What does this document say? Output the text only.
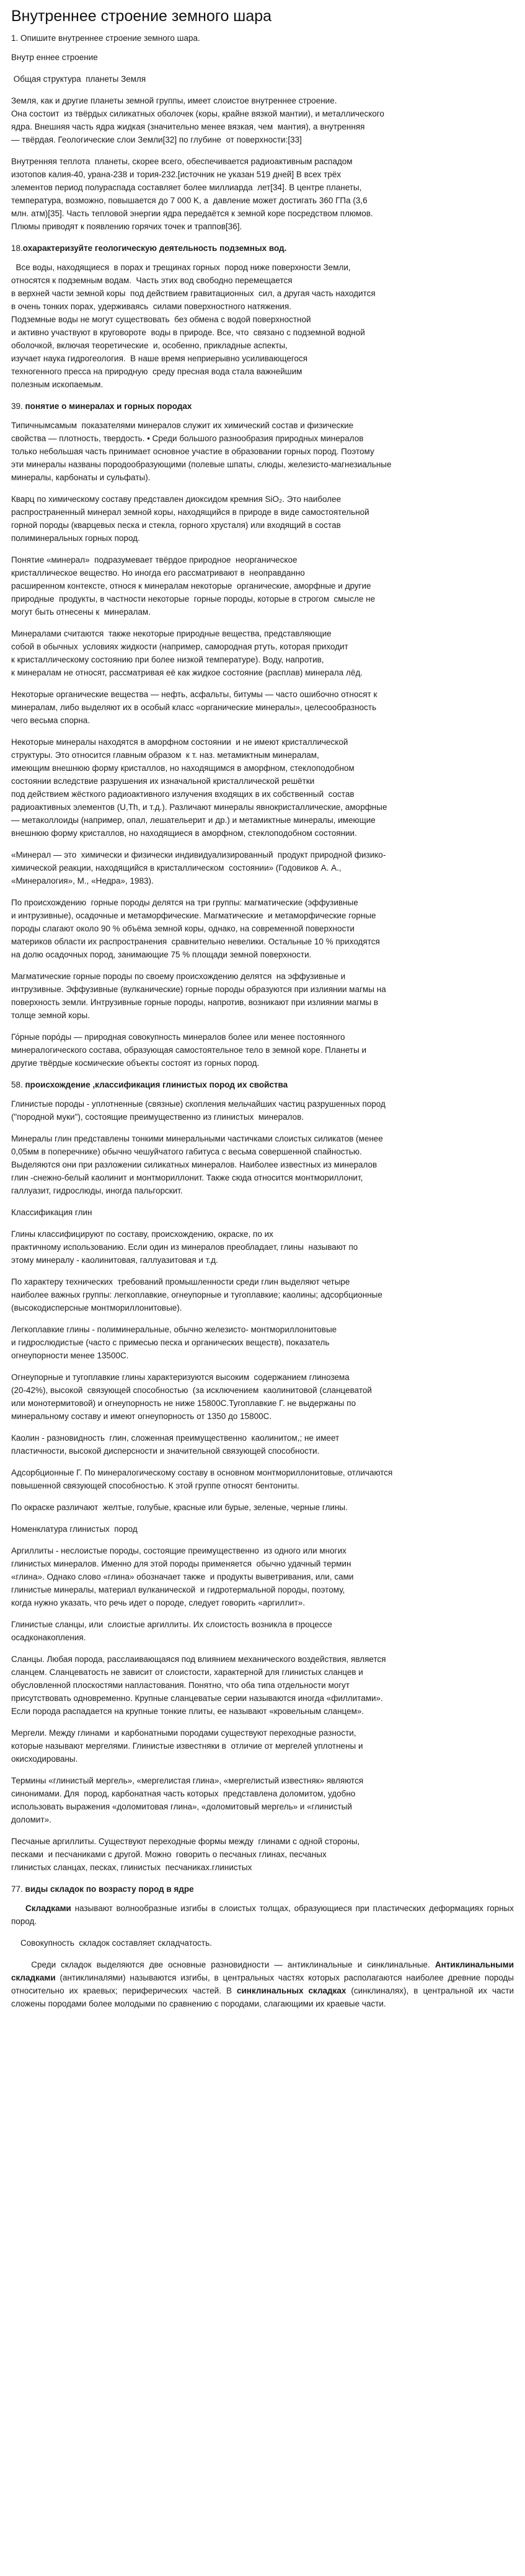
Внутреннее строение земного шара
1. Опишите внутреннее строение земного шара.
Внутр еннее строение
Общая структура  планеты Земля
Земля, как и другие планеты земной группы, имеет слоистое внутреннее строение.
Она состоит  из твёрдых силикатных оболочек (коры, крайне вязкой мантии), и металлического
ядра. Внешняя часть ядра жидкая (значительно менее вязкая, чем  мантия), а внутренняя
— твёрдая. Геологические слои Земли[32] по глубине  от поверхности:[33]
Внутренняя теплота  планеты, скорее всего, обеспечивается радиоактивным распадом
изотопов калия-40, урана-238 и тория-232.[источник не указан 519 дней] В всех трёх
элементов период полураспада составляет более миллиарда  лет[34]. В центре планеты,
температура, возможно, повышается до 7 000 K, а  давление может достигать 360 ГПа (3,6
млн. атм)[35]. Часть тепловой энергии ядра передаётся к земной коре посредством плюмов.
Плюмы приводят к появлению горячих точек и траппов[36].
18.охарактеризуйте геологическую деятельность подземных вод.
Все воды, находящиеся  в порах и трещинах горных  пород ниже поверхности Земли,
относятся к подземным водам.  Часть этих вод свободно перемещается
в верхней части земной коры  под действием гравитационных  сил, а другая часть находится
в очень тонких порах, удерживаясь  силами поверхностного натяжения.
Подземные воды не могут существовать  без обмена с водой поверхностной
и активно участвуют в круговороте  воды в природе. Все, что  связано с подземной водной
оболочкой, включая теоретические  и, особенно, прикладные аспекты,
изучает наука гидрогеология.  В наше время неприерывно усиливающегося
техногенного пресса на природную  среду пресная вода стала важнейшим
полезным ископаемым.
39. понятие о минералах и горных породах
Типичнымсамым  показателями минералов служит их химический состав и физические
свойства — плотность, твердость. • Среди большого разнообразия природных минералов
только небольшая часть принимает основное участие в образовании горных пород. Поэтому
эти минералы названы породообразующими (полевые шпаты, слюды, железисто-магнезиальные
минералы, карбонаты и сульфаты).
Кварц по химическому составу представлен диоксидом кремния SiO₂. Это наиболее
распространенный минерал земной коры, находящийся в природе в виде самостоятельной
горной породы (кварцевых песка и стекла, горного хрусталя) или входящий в состав
полиминеральных горных пород.
Понятие «минерал»  подразумевает твёрдое природное  неорганическое
кристаллическое вещество. Но иногда его рассматривают в  неоправданно
расширенном контексте, относя к минералам некоторые  органические, аморфные и другие
природные  продукты, в частности некоторые  горные породы, которые в строгом  смысле не
могут быть отнесены к  минералам.
Минералами считаются  также некоторые природные вещества, представляющие
собой в обычных  условиях жидкости (например, самородная ртуть, которая приходит
к кристаллическому состоянию при более низкой температуре). Воду, напротив,
к минералам не относят, рассматривая её как жидкое состояние (расплав) минерала лёд.
Некоторые органические вещества — нефть, асфальты, битумы — часто ошибочно относят к
минералам, либо выделяют их в особый класс «органические минералы», целесообразность
чего весьма спорна.
Некоторые минералы находятся в аморфном состоянии  и не имеют кристаллической
структуры. Это относится главным образом  к т. наз. метамиктным минералам,
имеющим внешнюю форму кристаллов, но находящимся в аморфном, стеклоподобном
состоянии вследствие разрушения их изначальной кристаллической решётки
под действием жёсткого радиоактивного излучения входящих в их собственный  состав
радиоактивных элементов (U,Th, и т.д.). Различают минералы явнокристаллические, аморфные
— метаколлоиды (например, опал, лешательерит и др.) и метамиктные минералы, имеющие
внешнюю форму кристаллов, но находящиеся в аморфном, стеклоподобном состоянии.
«Минерал — это  химически и физически индивидуализированный  продукт природной физико-
химической реакции, находящийся в кристаллическом  состоянии» (Годовиков А. А.,
«Минералогия», М., «Недра», 1983).
По происхождению  горные породы делятся на три группы: магматические (эффузивные
и интрузивные), осадочные и метаморфические. Магматические  и метаморфические горные
породы слагают около 90 % объёма земной коры, однако, на современной поверхности
материков области их распространения  сравнительно невелики. Остальные 10 % приходятся
на долю осадочных пород, занимающие 75 % площади земной поверхности.
Магматические горные породы по своему происхождению делятся  на эффузивные и
интрузивные. Эффузивные (вулканические) горные породы образуются при излиянии магмы на
поверхность земли. Интрузивные горные породы, напротив, возникают при излиянии магмы в
толще земной коры.
Го́рные поро́ды — природная совокупность минералов более или менее постоянного
минералогического состава, образующая самостоятельное тело в земной коре. Планеты и
другие твёрдые космические объекты состоят из горных пород.
58. происхождение ,классификация глинистых пород их свойства
Глинистые породы - уплотненные (связные) скопления мельчайших частиц разрушенных пород
("породной муки"), состоящие преимущественно из глинистых  минералов.
Минералы глин представлены тонкими минеральными частичками слоистых силикатов (менее
0,05мм в поперечнике) обычно чешуйчатого габитуса с весьма совершенной спайностью.
Выделяются они при разложении силикатных минералов. Наиболее известных из минералов
глин -снежно-белый каолинит и монтмориллонит. Также сюда относится монтмориллонит,
галлуазит, гидрослюды, иногда пальгорскит.
Классификация глин
Глины классифицируют по составу, происхождению, окраске, по их
практичному использованию. Если один из минералов преобладает, глины  называют по
этому минералу - каолинитовая, галлуазитовая и т.д.
По характеру технических  требований промышленности среди глин выделяют четыре
наиболее важных группы: легкоплавкие, огнеупорные и тугоплавкие; каолины; адсорбционные
(высокодисперсные монтмориллонитовые).
Легкоплавкие глины - полиминеральные, обычно железисто- монтмориллонитовые
и гидрослюдистые (часто с примесью песка и органических веществ), показатель
огнеупорности менее 13500С.
Огнеупорные и тугоплавкие глины характеризуются высоким  содержанием глинозема
(20-42%), высокой  связующей способностью  (за исключением  каолинитовой (сланцеватой
или монотермитовой) и огнеупорность не ниже 15800С.Тугоплавкие Г. не выдержаны по
минеральному составу и имеют огнеупорность от 1350 до 15800С.
Каолин - разновидность  глин, сложенная преимущественно  каолинитом,; не имеет
пластичности, высокой дисперсности и значительной связующей способности.
Адсорбционные Г. По минералогическому составу в основном монтмориллонитовые, отличаются
повышенной связующей способностью. К этой группе относят бентониты.
По окраске различают  желтые, голубые, красные или бурые, зеленые, черные глины.
Номенклатура глинистых  пород
Аргиллиты - неслоистые породы, состоящие преимущественно  из одного или многих
глинистых минералов. Именно для этой породы применяется  обычно удачный термин
«глина». Однако слово «глина» обозначает также  и продукты выветривания, или, сами
глинистые минералы, материал вулканической  и гидротермальной породы, поэтому,
когда нужно указать, что речь идет о породе, следует говорить «аргиллит».
Глинистые сланцы, или  слоистые аргиллиты. Их слоистость возникла в процессе
осадконакопления.
Сланцы. Любая порода, расслаивающаяся под влиянием механического воздействия, является
сланцем. Сланцеватость не зависит от слоистости, характерной для глинистых сланцев и
обусловленной плоскостями напластования. Понятно, что оба типа отдельности могут
присутствовать одновременно. Крупные сланцеватые серии называются иногда «филлитами».
Если порода распадается на крупные тонкие плиты, ее называют «кровельным сланцем».
Мергели. Между глинами  и карбонатными породами существуют переходные разности,
которые называют мергелями. Глинистые известняки в  отличие от мергелей уплотнены и
окисходированы.
Термины «глинистый мергель», «мергелистая глина», «мергелистый известняк» являются
синонимами. Для  пород, карбонатная часть которых  представлена доломитом, удобно
использовать выражения «доломитовая глина», «доломитовый мергель» и «глинистый
доломит».
Песчаные аргиллиты. Существуют переходные формы между  глинами с одной стороны,
песками  и песчаниками с другой. Можно  говорить о песчаных глинах, песчаных
глинистых сланцах, песках, глинистых  песчаниках.глинистых
77. виды складок по возрасту пород в ядре
Складками называют волнообразные изгибы в слоистых толщах, образующиеся при пластических деформациях горных пород.
Совокупность  складок составляет складчатость.
Среди складок выделяются две основные разновидности — антиклинальные и синклинальные. Антиклинальными складками (антиклиналями) называются изгибы, в центральных частях которых располагаются наиболее древние породы относительно их краевых; периферических частей. В синклинальных складках (синклиналях), в центральной их части сложены породами более молодыми по сравнению с породами, слагающими их краевые части.
